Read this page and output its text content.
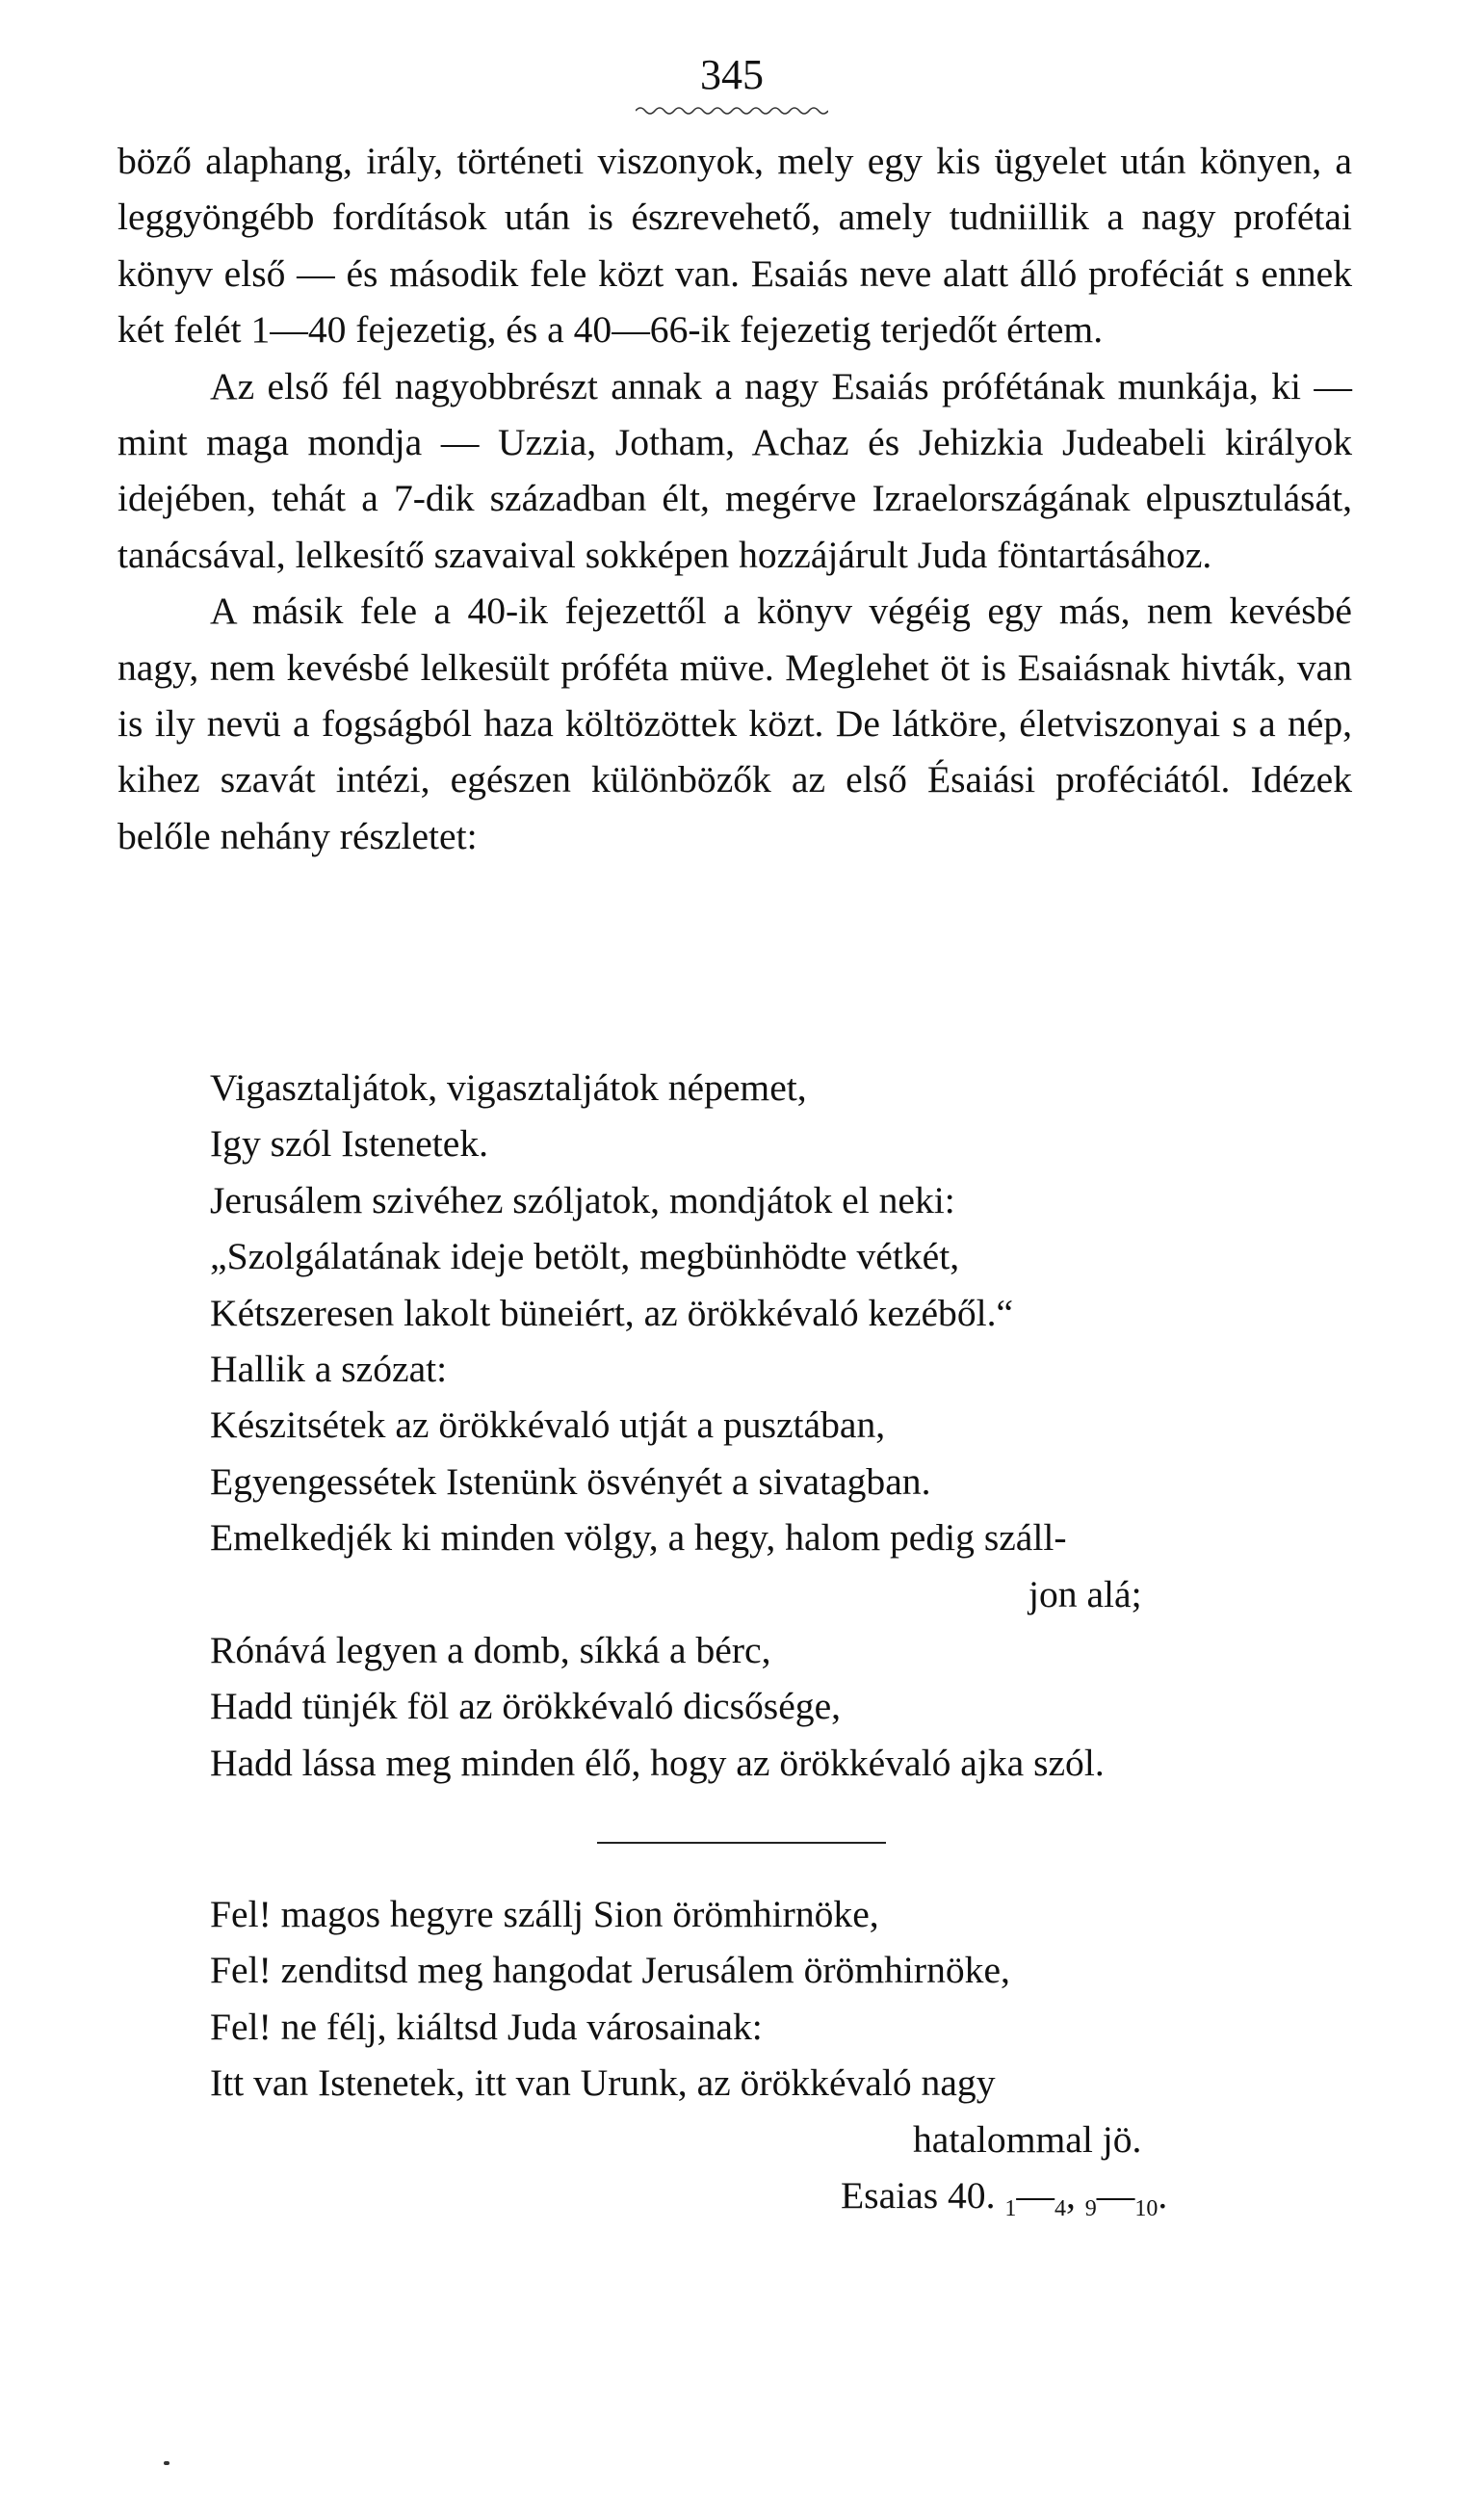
345

böző alaphang, irály, történeti viszonyok, mely egy kis ügyelet után könyen, a leggyöngébb fordítások után is észrevehető, amely tudniillik a nagy profétai könyv első — és második fele közt van. Esaiás neve alatt álló proféciát s ennek két felét 1—40 fejezetig, és a 40—66-ik fejezetig terjedőt értem.

Az első fél nagyobbrészt annak a nagy Esaiás prófétának munkája, ki — mint maga mondja — Uzzia, Jotham, Achaz és Jehizkia Judeabeli királyok idejében, tehát a 7-dik században élt, megérve Izraelországának elpusztulását, tanácsával, lelkesítő szavaival sokképen hozzájárult Juda föntartásához.

A másik fele a 40-ik fejezettől a könyv végéig egy más, nem kevésbé nagy, nem kevésbé lelkesült próféta müve. Meglehet öt is Esaiásnak hivták, van is ily nevü a fogságból haza költözöttek közt. De látköre, életviszonyai s a nép, kihez szavát intézi, egészen különbözők az első Ésaiási proféciától. Idézek belőle nehány részletet:

Vigasztaljátok, vigasztaljátok népemet,
Igy szól Istenetek.
Jerusálem szivéhez szóljatok, mondjátok el neki:
„Szolgálatának ideje betölt, megbünhödte vétkét,
Kétszeresen lakolt büneiért, az örökkévaló kezéből.“
Hallik a szózat:
Készitsétek az örökkévaló utját a pusztában,
Egyengessétek Istenünk ösvényét a sivatagban.
Emelkedjék ki minden völgy, a hegy, halom pedig száll-
jon alá;
Rónává legyen a domb, síkká a bérc,
Hadd tünjék föl az örökkévaló dicsősége,
Hadd lássa meg minden élő, hogy az örökkévaló ajka szól.
Fel! magos hegyre szállj Sion örömhirnöke,
Fel! zenditsd meg hangodat Jerusálem örömhirnöke,
Fel! ne félj, kiáltsd Juda városainak:
Itt van Istenetek, itt van Urunk, az örökkévaló nagy
hatalommal jö.
Esaias 40. $_1—_4$, $_9—_{10}$.
